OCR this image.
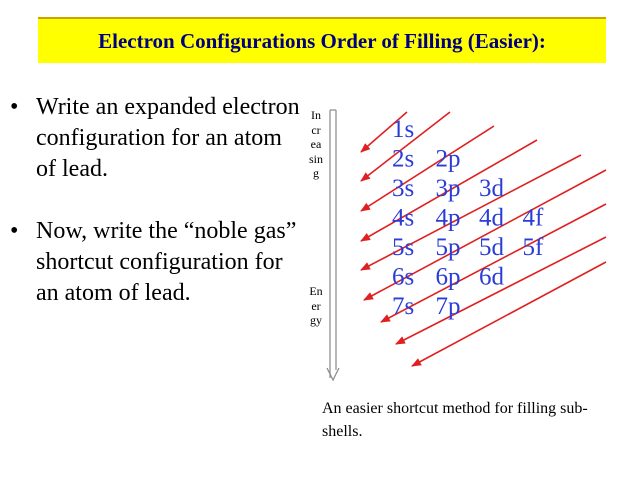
Electron Configurations Order of Filling (Easier):
• Write an expanded electron configuration for an atom of lead.
• Now, write the “noble gas” shortcut configuration for an atom of lead.
1s
2s 2p
3s 3p 3d
4s 4p 4d 4f
5s 5p 5d 5f
6s 6p 6d
7s 7p
Increasing
Energy
An easier shortcut method for filling sub-shells.
